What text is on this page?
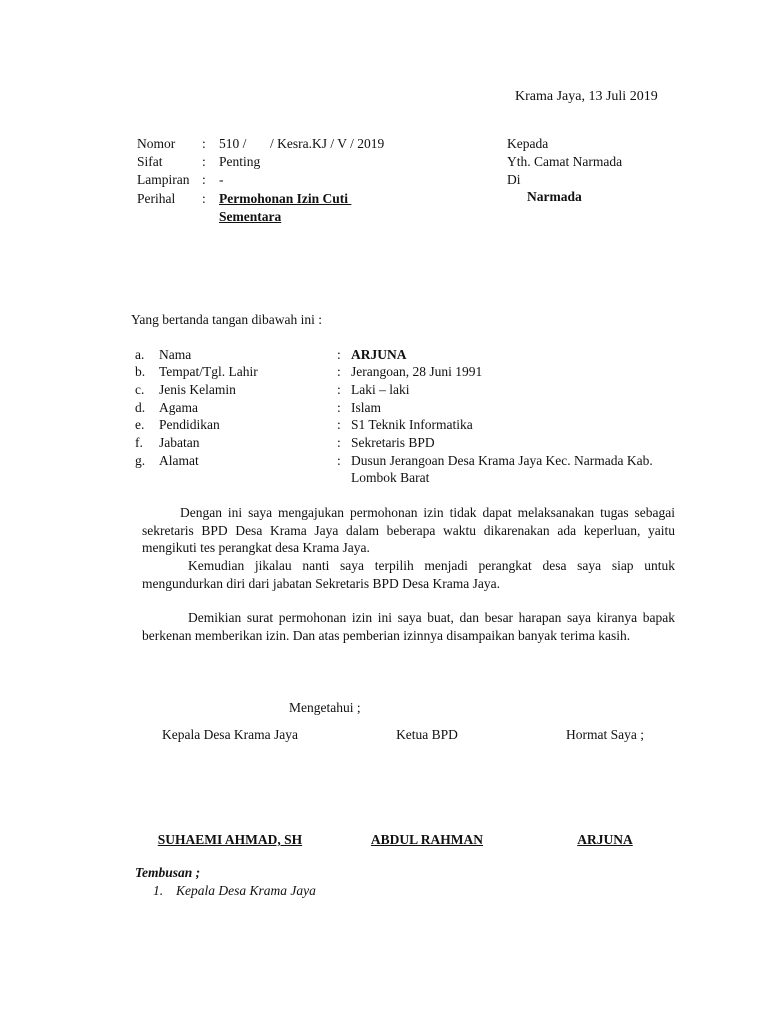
Krama Jaya, 13 Juli 2019
Nomor : 510 /       / Kesra.KJ / V / 2019
Sifat	: Penting
Lampiran : -
Perihal : Permohonan Izin Cuti
Sementara
Kepada
Yth. Camat Narmada
Di
Narmada
Yang bertanda tangan dibawah ini :
a. Nama	: ARJUNA
b. Tempat/Tgl. Lahir	: Jerangoan, 28 Juni 1991
c. Jenis Kelamin	: Laki – laki
d. Agama	: Islam
e. Pendidikan	: S1 Teknik Informatika
f. Jabatan	: Sekretaris BPD
g. Alamat	: Dusun Jerangoan Desa Krama Jaya Kec. Narmada Kab.
Lombok Barat

Dengan ini saya mengajukan permohonan izin tidak dapat melaksanakan tugas sebagai sekretaris BPD Desa Krama Jaya dalam beberapa waktu dikarenakan ada keperluan, yaitu mengikuti tes perangkat desa Krama Jaya.

Kemudian jikalau nanti saya terpilih menjadi perangkat desa saya siap untuk mengundurkan diri dari jabatan Sekretaris BPD Desa Krama Jaya.

Demikian surat permohonan izin ini saya buat, dan besar harapan saya kiranya bapak berkenan memberikan izin. Dan atas pemberian izinnya disampaikan banyak terima kasih.

Mengetahui ;
Kepala Desa Krama Jaya	Ketua BPD	Hormat Saya ;
SUHAEMI AHMAD, SH	ABDUL RAHMAN	ARJUNA
Tembusan ;
1. Kepala Desa Krama Jaya
